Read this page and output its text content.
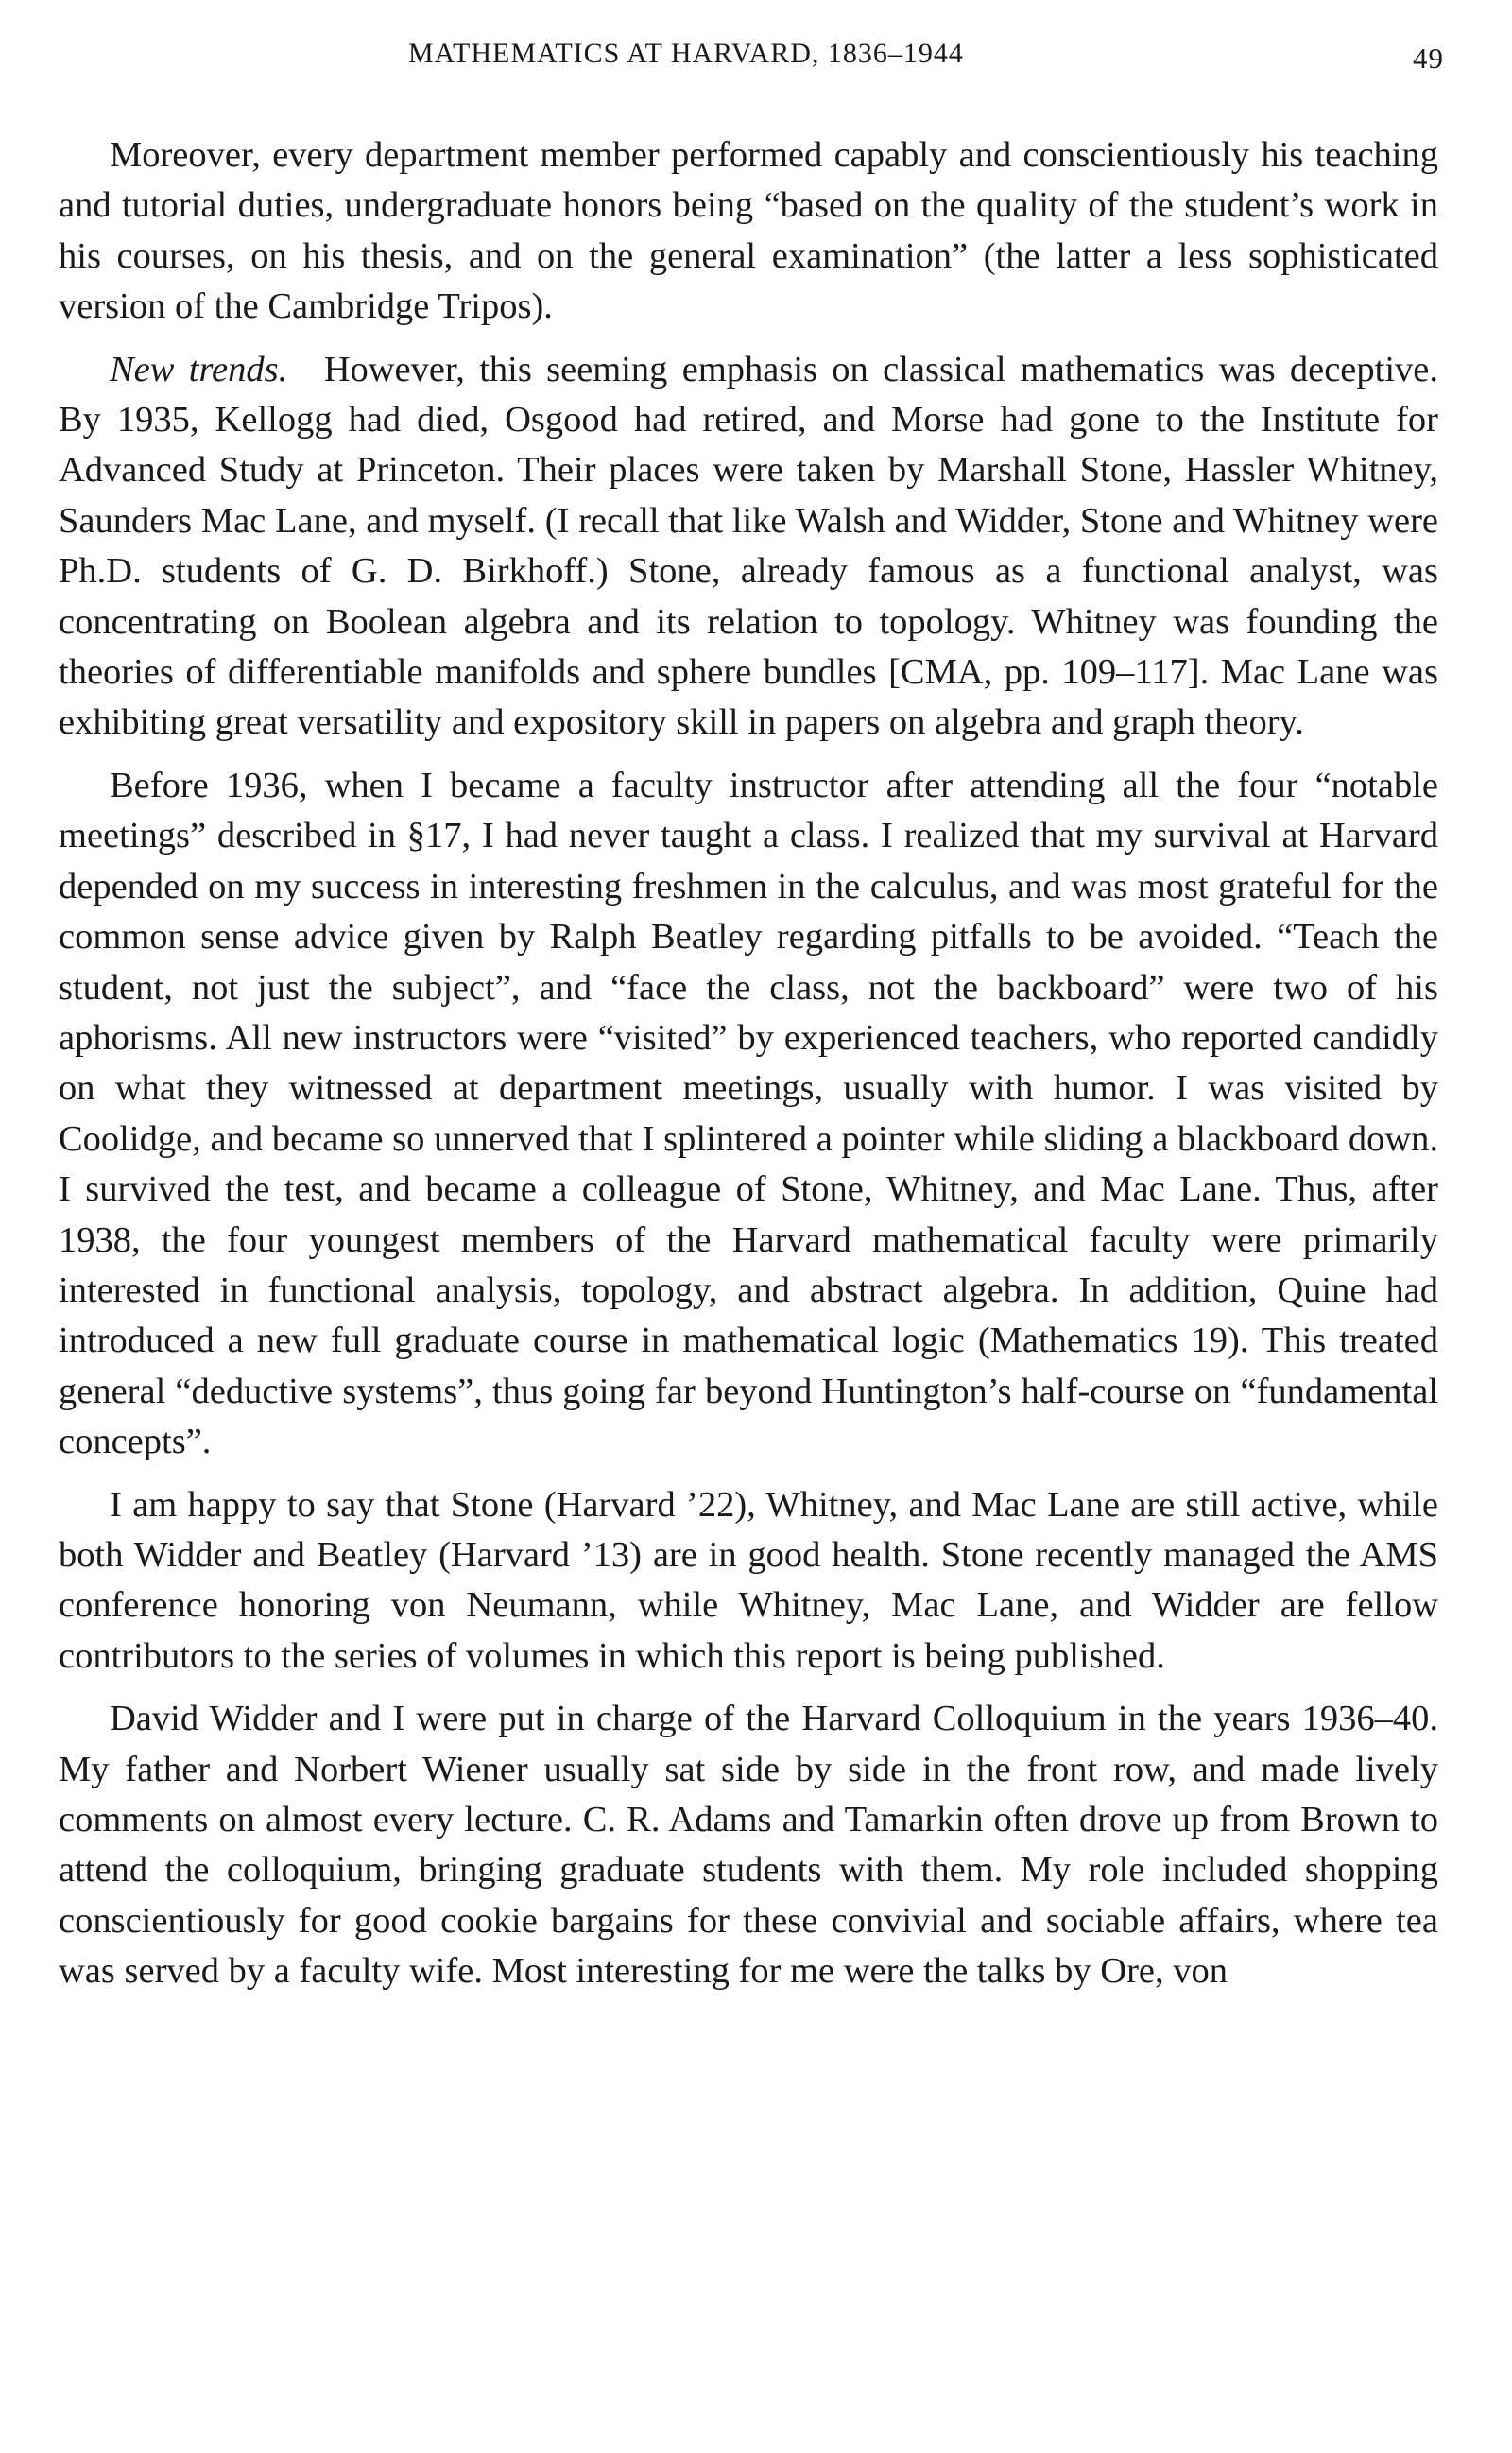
MATHEMATICS AT HARVARD, 1836–1944	49

Moreover, every department member performed capably and conscientiously his teaching and tutorial duties, undergraduate honors being “based on the quality of the student’s work in his courses, on his thesis, and on the general examination” (the latter a less sophisticated version of the Cambridge Tripos).

New trends.  However, this seeming emphasis on classical mathematics was deceptive. By 1935, Kellogg had died, Osgood had retired, and Morse had gone to the Institute for Advanced Study at Princeton. Their places were taken by Marshall Stone, Hassler Whitney, Saunders Mac Lane, and myself. (I recall that like Walsh and Widder, Stone and Whitney were Ph.D. students of G. D. Birkhoff.) Stone, already famous as a functional analyst, was concentrating on Boolean algebra and its relation to topology. Whitney was founding the theories of differentiable manifolds and sphere bundles [CMA, pp. 109–117]. Mac Lane was exhibiting great versatility and expository skill in papers on algebra and graph theory.

Before 1936, when I became a faculty instructor after attending all the four “notable meetings” described in §17, I had never taught a class. I realized that my survival at Harvard depended on my success in interesting freshmen in the calculus, and was most grateful for the common sense advice given by Ralph Beatley regarding pitfalls to be avoided. “Teach the student, not just the subject”, and “face the class, not the backboard” were two of his aphorisms. All new instructors were “visited” by experienced teachers, who reported candidly on what they witnessed at department meetings, usually with humor. I was visited by Coolidge, and became so unnerved that I splintered a pointer while sliding a blackboard down. I survived the test, and became a colleague of Stone, Whitney, and Mac Lane. Thus, after 1938, the four youngest members of the Harvard mathematical faculty were primarily interested in functional analysis, topology, and abstract algebra. In addition, Quine had introduced a new full graduate course in mathematical logic (Mathematics 19). This treated general “deductive systems”, thus going far beyond Huntington’s half-course on “fundamental concepts”.

I am happy to say that Stone (Harvard ’22), Whitney, and Mac Lane are still active, while both Widder and Beatley (Harvard ’13) are in good health. Stone recently managed the AMS conference honoring von Neumann, while Whitney, Mac Lane, and Widder are fellow contributors to the series of volumes in which this report is being published.

David Widder and I were put in charge of the Harvard Colloquium in the years 1936–40. My father and Norbert Wiener usually sat side by side in the front row, and made lively comments on almost every lecture. C. R. Adams and Tamarkin often drove up from Brown to attend the colloquium, bringing graduate students with them. My role included shopping conscientiously for good cookie bargains for these convivial and sociable affairs, where tea was served by a faculty wife. Most interesting for me were the talks by Ore, von
